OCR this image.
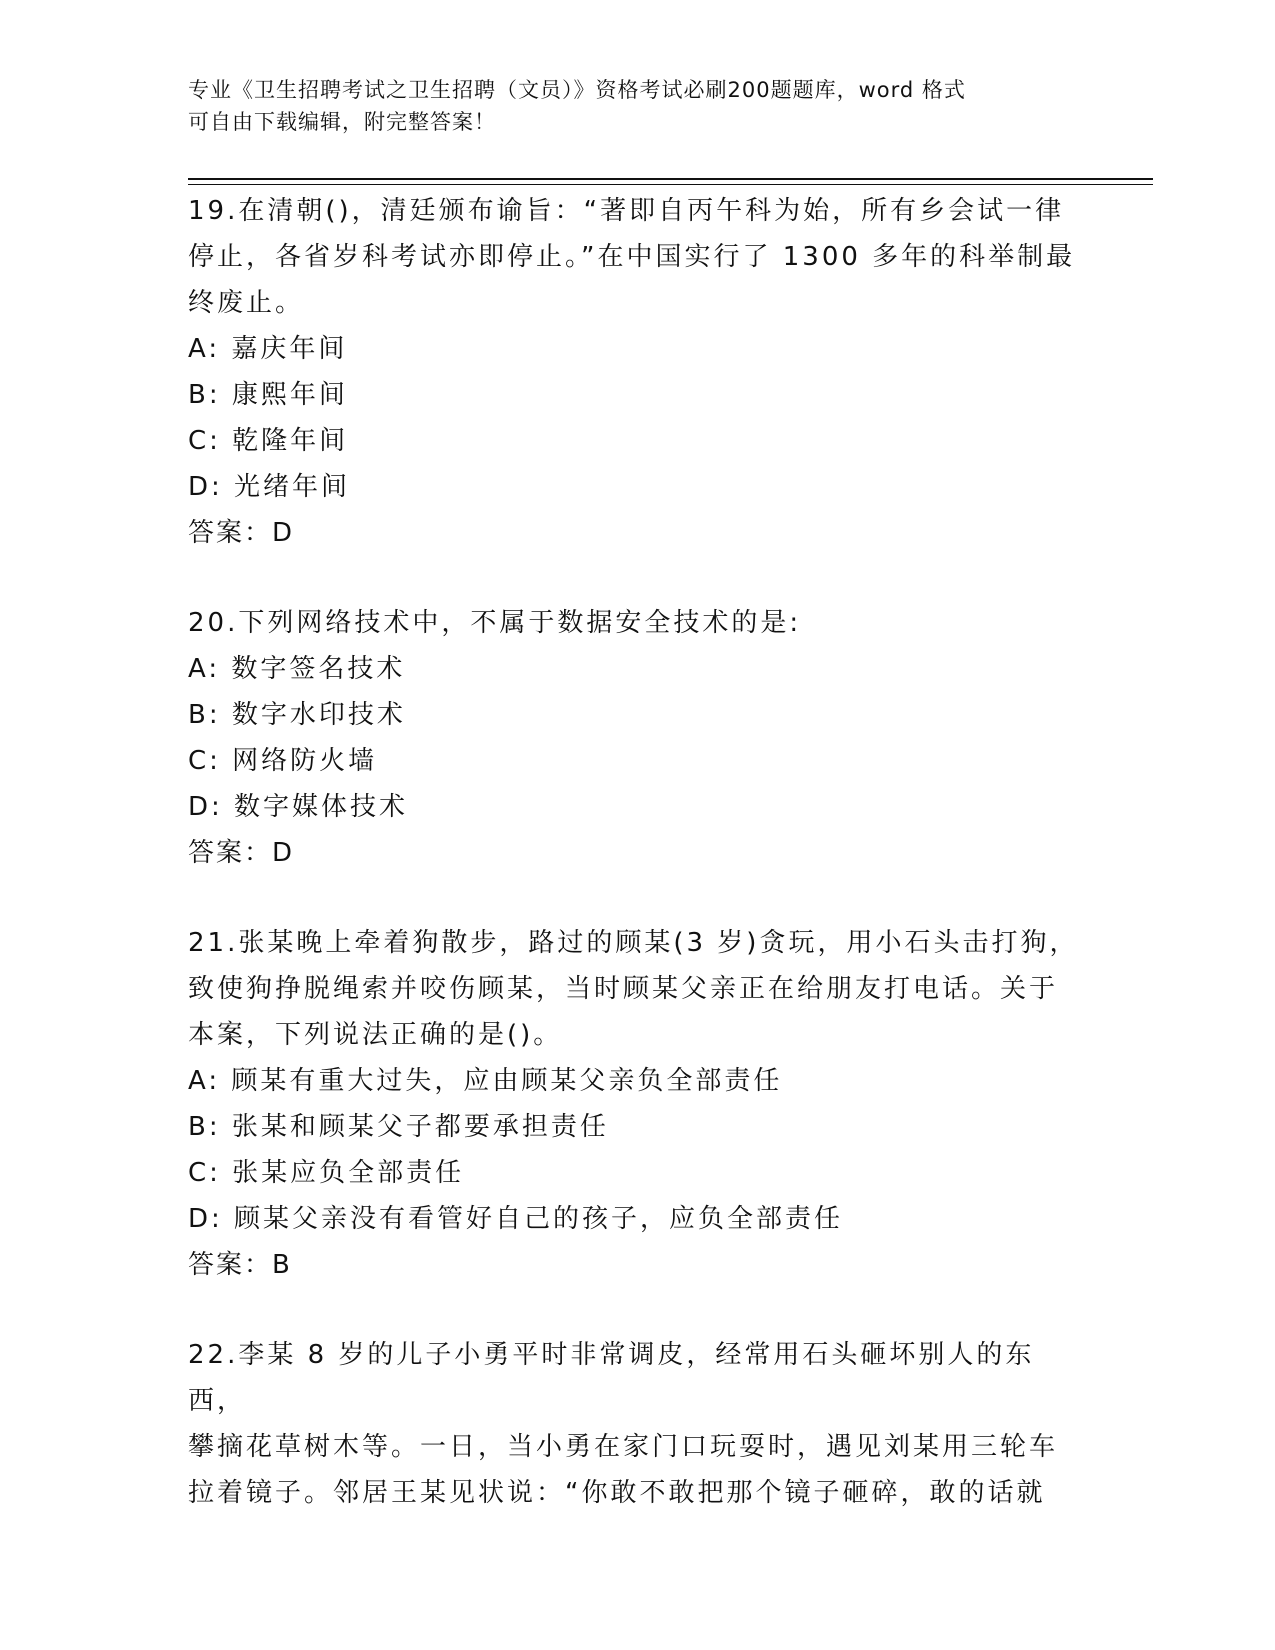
专业《卫生招聘考试之卫生招聘（文员）》资格考试必刷200题题库，word 格式
可自由下载编辑，附完整答案！

19.在清朝()，清廷颁布谕旨：“著即自丙午科为始，所有乡会试一律

停止，各省岁科考试亦即停止。”在中国实行了 1300 多年的科举制最

终废止。

A: 嘉庆年间

B: 康熙年间

C: 乾隆年间

D: 光绪年间

答案：D

20.下列网络技术中，不属于数据安全技术的是:

A: 数字签名技术

B: 数字水印技术

C: 网络防火墙

D: 数字媒体技术

答案：D

21.张某晚上牵着狗散步，路过的顾某(3 岁)贪玩，用小石头击打狗，

致使狗挣脱绳索并咬伤顾某，当时顾某父亲正在给朋友打电话。关于

本案，下列说法正确的是()。

A: 顾某有重大过失，应由顾某父亲负全部责任

B: 张某和顾某父子都要承担责任

C: 张某应负全部责任

D: 顾某父亲没有看管好自己的孩子，应负全部责任

答案：B

22.李某 8 岁的儿子小勇平时非常调皮，经常用石头砸坏别人的东西，

攀摘花草树木等。一日，当小勇在家门口玩耍时，遇见刘某用三轮车

拉着镜子。邻居王某见状说：“你敢不敢把那个镜子砸碎，敢的话就
